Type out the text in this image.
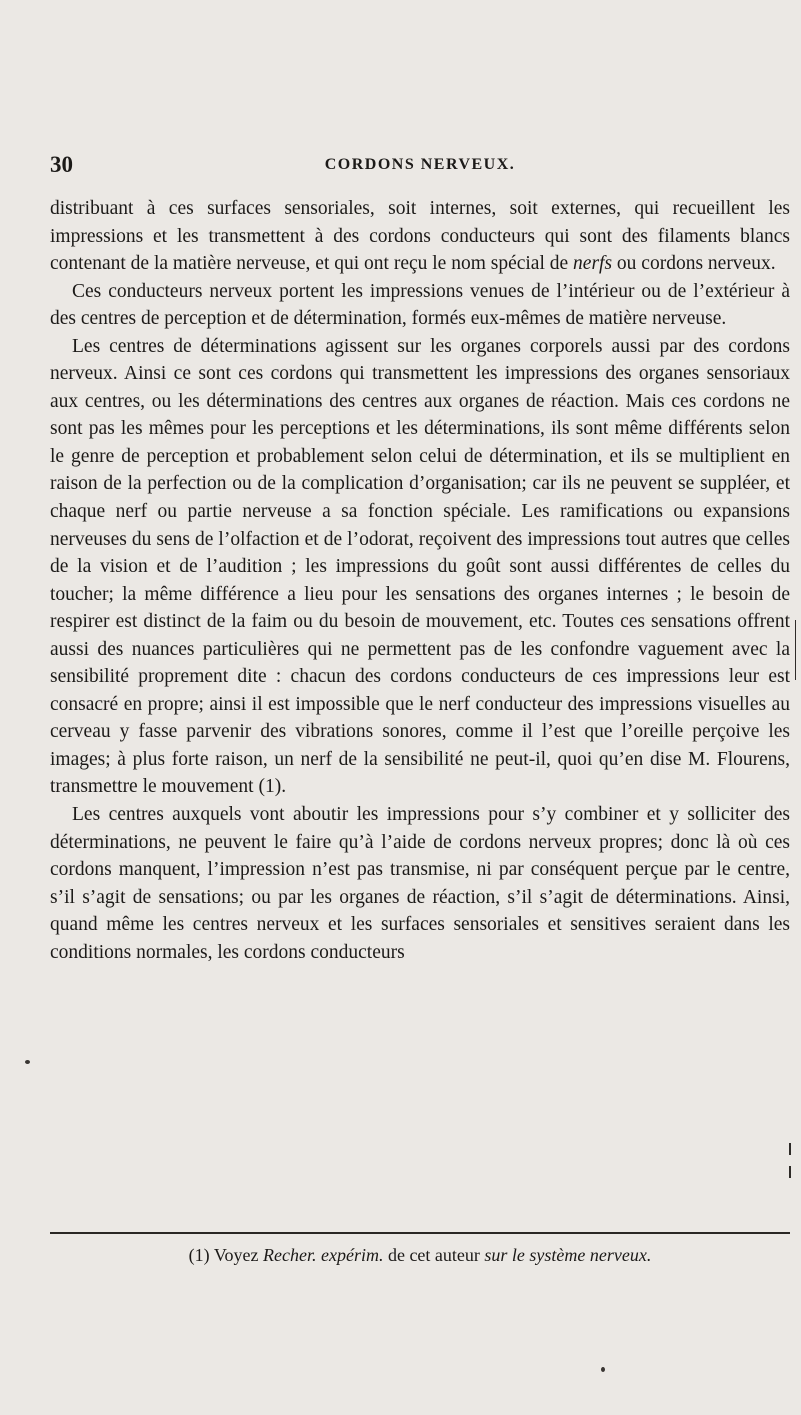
30	CORDONS NERVEUX.

distribuant à ces surfaces sensoriales, soit internes, soit externes, qui recueillent les impressions et les transmettent à des cordons conducteurs qui sont des filaments blancs contenant de la matière nerveuse, et qui ont reçu le nom spécial de nerfs ou cordons nerveux.

Ces conducteurs nerveux portent les impressions venues de l’intérieur ou de l’extérieur à des centres de perception et de détermination, formés eux-mêmes de matière nerveuse.

Les centres de déterminations agissent sur les organes corporels aussi par des cordons nerveux. Ainsi ce sont ces cordons qui transmettent les impressions des organes sensoriaux aux centres, ou les déterminations des centres aux organes de réaction. Mais ces cordons ne sont pas les mêmes pour les perceptions et les déterminations, ils sont même différents selon le genre de perception et probablement selon celui de détermination, et ils se multiplient en raison de la perfection ou de la complication d’organisation; car ils ne peuvent se suppléer, et chaque nerf ou partie nerveuse a sa fonction spéciale. Les ramifications ou expansions nerveuses du sens de l’olfaction et de l’odorat, reçoivent des impressions tout autres que celles de la vision et de l’audition ; les impressions du goût sont aussi différentes de celles du toucher; la même différence a lieu pour les sensations des organes internes ; le besoin de respirer est distinct de la faim ou du besoin de mouvement, etc. Toutes ces sensations offrent aussi des nuances particulières qui ne permettent pas de les confondre vaguement avec la sensibilité proprement dite : chacun des cordons conducteurs de ces impressions leur est consacré en propre; ainsi il est impossible que le nerf conducteur des impressions visuelles au cerveau y fasse parvenir des vibrations sonores, comme il l’est que l’oreille perçoive les images; à plus forte raison, un nerf de la sensibilité ne peut-il, quoi qu’en dise M. Flourens, transmettre le mouvement (1).

Les centres auxquels vont aboutir les impressions pour s’y combiner et y solliciter des déterminations, ne peuvent le faire qu’à l’aide de cordons nerveux propres; donc là où ces cordons manquent, l’impression n’est pas transmise, ni par conséquent perçue par le centre, s’il s’agit de sensations; ou par les organes de réaction, s’il s’agit de déterminations. Ainsi, quand même les centres nerveux et les surfaces sensoriales et sensitives seraient dans les conditions normales, les cordons conducteurs

(1) Voyez Recher. expérim. de cet auteur sur le système nerveux.
